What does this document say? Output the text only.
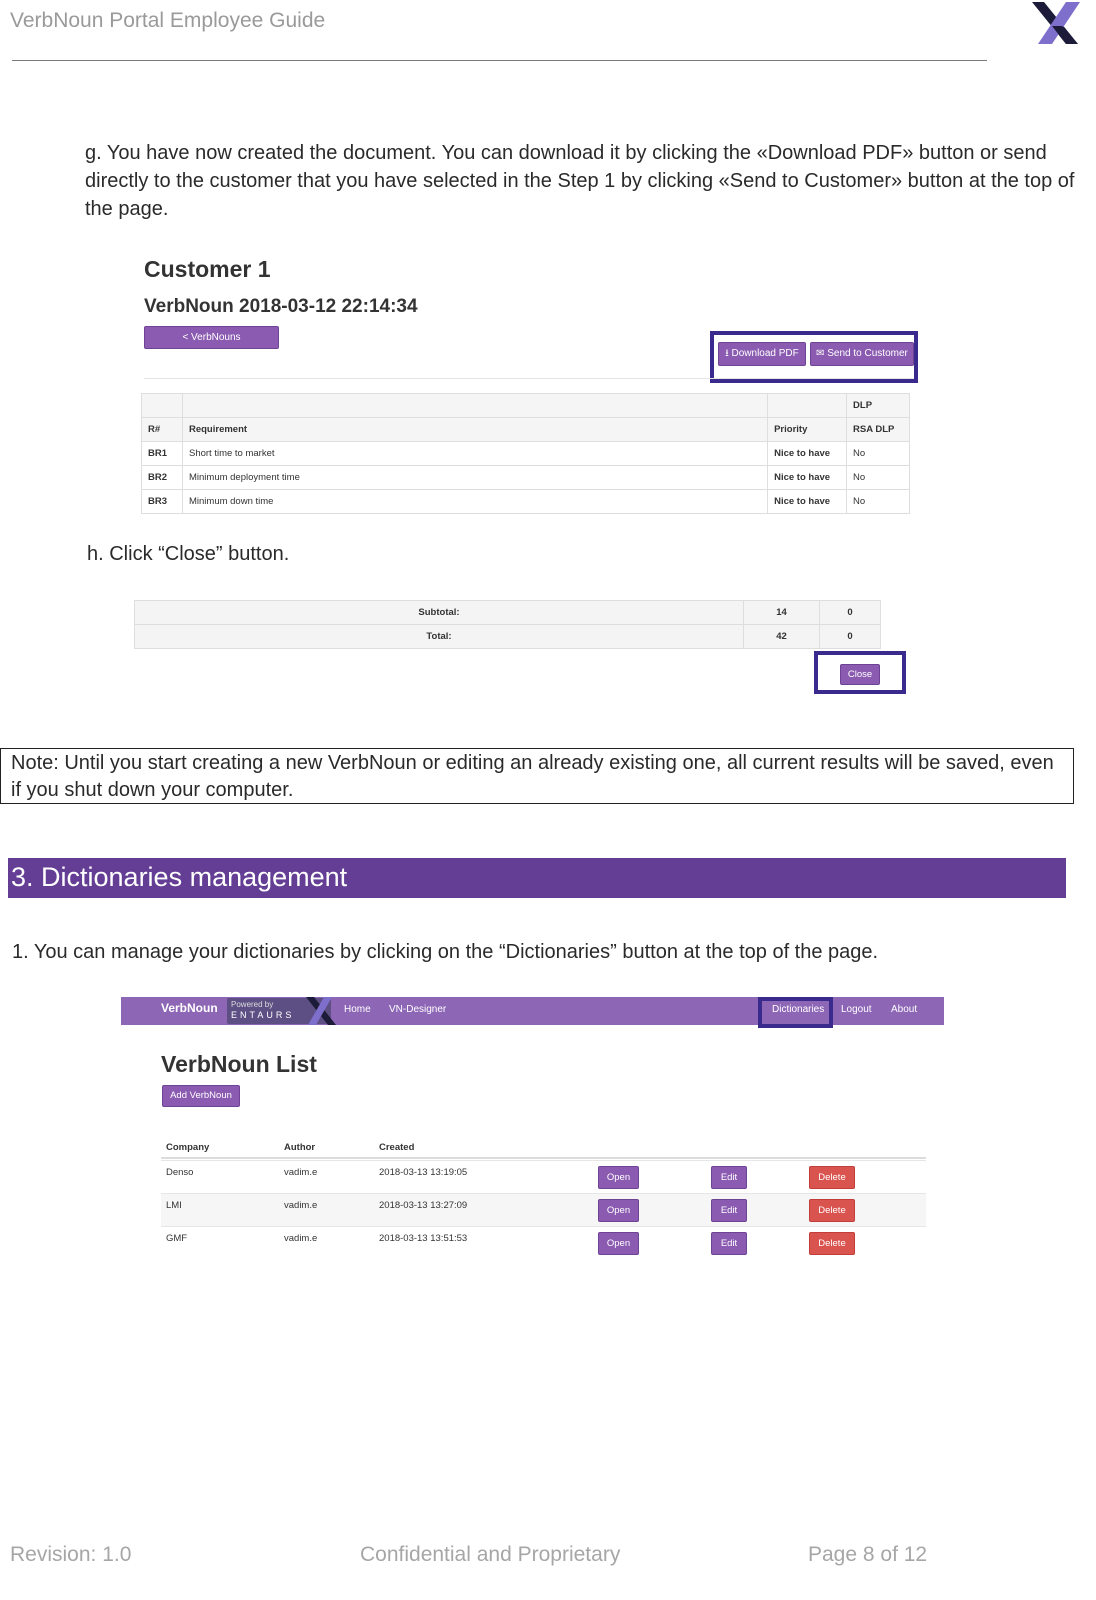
VerbNoun Portal Employee Guide
g. You have now created the document. You can download it by clicking the «Download PDF» button or send directly to the customer that you have selected in the Step 1 by clicking «Send to Customer» button at the top of the page.
Customer 1
VerbNoun 2018-03-12 22:14:34
< VerbNouns
⭳ Download PDF	✉ Send to Customer
			DLP
R#	Requirement	Priority	RSA DLP
BR1	Short time to market	Nice to have	No
BR2	Minimum deployment time	Nice to have	No
BR3	Minimum down time	Nice to have	No
h. Click “Close” button.
Subtotal:	14	0
Total:	42	0
Close
Note: Until you start creating a new VerbNoun or editing an already existing one, all current results will be saved, even if you shut down your computer.
3. Dictionaries management
1. You can manage your dictionaries by clicking on the “Dictionaries” button at the top of the page.
VerbNoun	Powered by
ENTAURS	Home VN-Designer	Dictionaries Logout About
VerbNoun List
Add VerbNoun
Company	Author	Created
Denso	vadim.e	2018-03-13 13:19:05	Open	Edit	Delete
LMI	vadim.e	2018-03-13 13:27:09	Open	Edit	Delete
GMF	vadim.e	2018-03-13 13:51:53	Open	Edit	Delete
Revision: 1.0	Confidential and Proprietary	Page 8 of 12
